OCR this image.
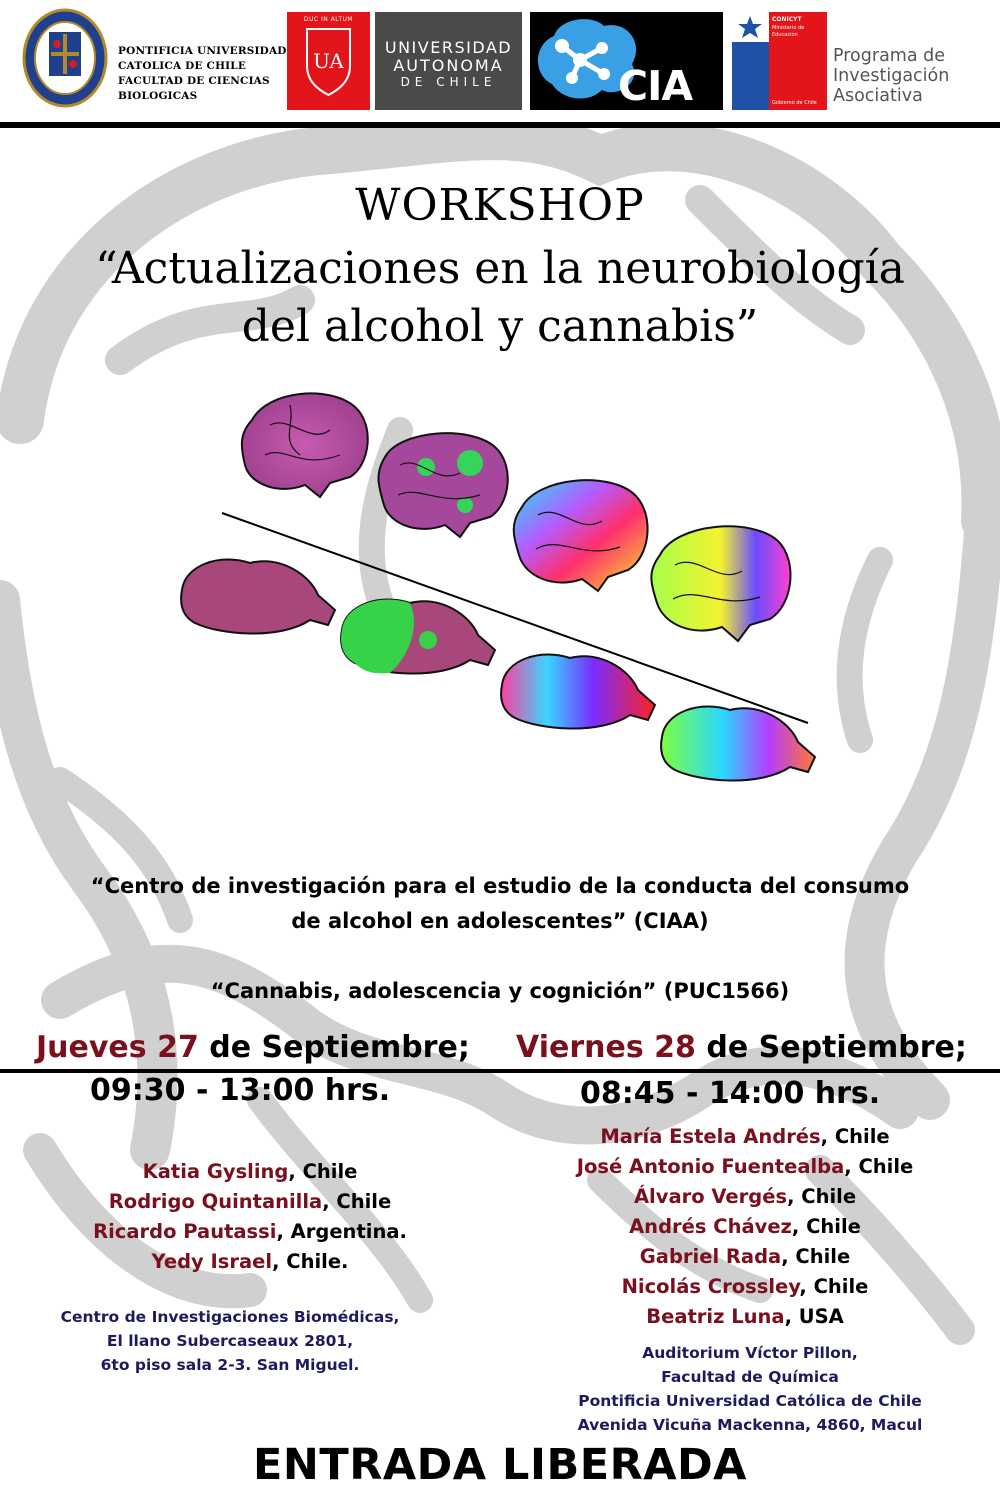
PONTIFICIA UNIVERSIDAD
CATOLICA DE CHILE
FACULTAD DE CIENCIAS
BIOLOGICAS
DUC IN ALTUM
UA
UNIVERSIDAD
AUTONOMA
DE CHILE	CIA
CONICYT
Ministerio de
Educación
Gobierno de Chile
Programa de
Investigación
Asociativa
WORKSHOP
“Actualizaciones en la neurobiología
del alcohol y cannabis”
“Centro de investigación para el estudio de la conducta del consumo
de alcohol en adolescentes” (CIAA)
“Cannabis, adolescencia y cognición” (PUC1566)
Jueves 27 de Septiembre; Viernes 28 de Septiembre;
09:30 - 13:00 hrs.	08:45 - 14:00 hrs.
Katia Gysling, Chile
Rodrigo Quintanilla, Chile
Ricardo Pautassi, Argentina.
Yedy Israel, Chile.
Centro de Investigaciones Biomédicas,
El llano Subercaseaux 2801,
6to piso sala 2-3. San Miguel.
María Estela Andrés, Chile
José Antonio Fuentealba, Chile
Álvaro Vergés, Chile
Andrés Chávez, Chile
Gabriel Rada, Chile
Nicolás Crossley, Chile
Beatriz Luna, USA
Auditorium Víctor Pillon,
Facultad de Química
Pontificia Universidad Católica de Chile
Avenida Vicuña Mackenna, 4860, Macul
ENTRADA LIBERADA
